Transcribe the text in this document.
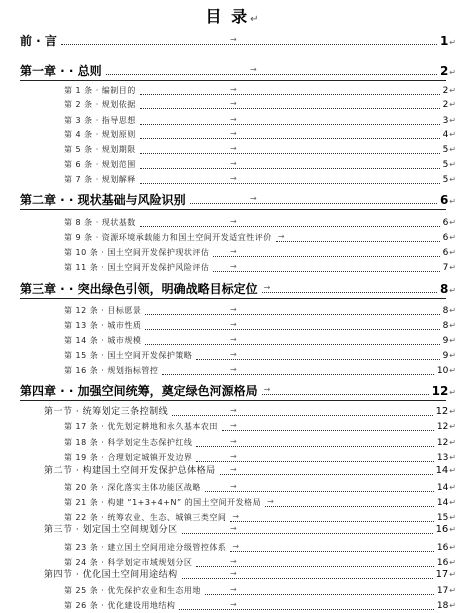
目 录↵
前 · 言	1↵
→
第一章 · · 总则	2↵
→
第 1 条 · 编制目的	2↵
→
第 2 条 · 规划依据	2↵
→
第 3 条 · 指导思想	3↵
→
第 4 条 · 规划原则	4↵
→
第 5 条 · 规划期限	5↵
→
第 6 条 · 规划范围	5↵
→
第 7 条 · 规划解释	5↵
→
第二章 · · 现状基础与风险识别	6↵
→
第 8 条 · 现状基数	6↵
→
第 9 条 · 资源环境承载能力和国土空间开发适宜性评价	6↵
→
第 10 条 · 国土空间开发保护现状评估	6↵
→
第 11 条 · 国土空间开发保护风险评估	7↵
→
第三章 · · 突出绿色引领，明确战略目标定位	8↵
→
第 12 条 · 目标愿景	8↵
→
第 13 条 · 城市性质	8↵
→
第 14 条 · 城市规模	9↵
→
第 15 条 · 国土空间开发保护策略	9↵
→
第 16 条 · 规划指标管控	10↵
→
第四章 · · 加强空间统筹，奠定绿色河源格局	12↵
→
第一节 · 统筹划定三条控制线	12↵
→
第 17 条 · 优先划定耕地和永久基本农田	12↵
→
第 18 条 · 科学划定生态保护红线	12↵
→
第 19 条 · 合理划定城镇开发边界	13↵
→
第二节 · 构建国土空间开发保护总体格局	14↵
→
第 20 条 · 深化落实主体功能区战略	14↵
→
第 21 条 · 构建 “1+3+4+N” 的国土空间开发格局	14↵
→
第 22 条 · 统筹农业、生态、城镇三类空间	15↵
→
第三节 · 划定国土空间规划分区	16↵
→
第 23 条 · 建立国土空间用途分级管控体系	16↵
→
第 24 条 · 科学划定市域规划分区	16↵
→
第四节 · 优化国土空间用途结构	17↵
→
第 25 条 · 优先保护农业和生态用地	17↵
→
第 26 条 · 优化建设用地结构	18↵
→
